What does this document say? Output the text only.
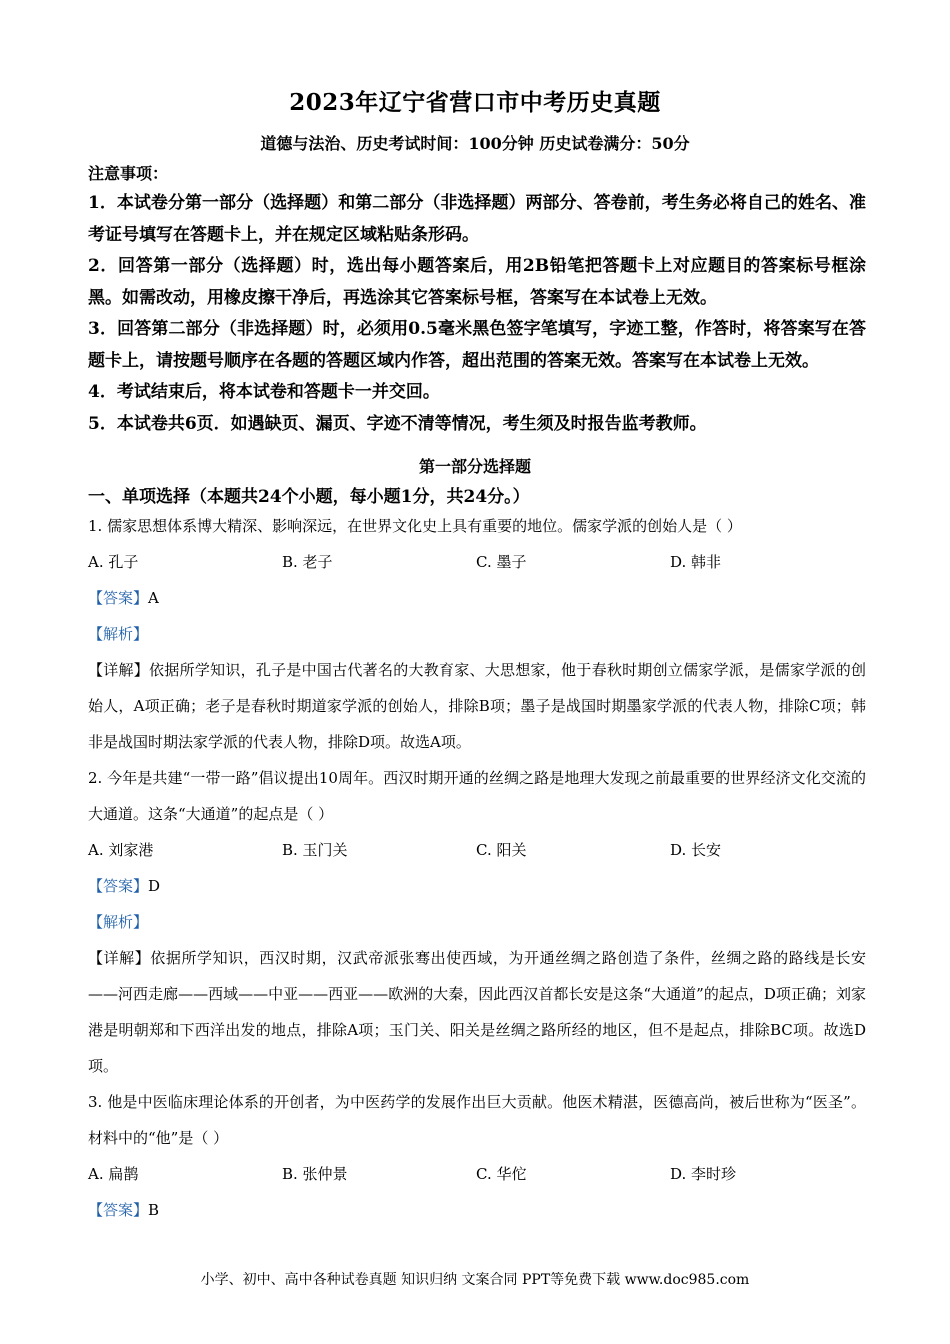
2023年辽宁省营口市中考历史真题
道德与法治、历史考试时间：100分钟 历史试卷满分：50分
注意事项：

1．本试卷分第一部分（选择题）和第二部分（非选择题）两部分、答卷前，考生务必将自己的姓名、准考证号填写在答题卡上，并在规定区域粘贴条形码。

2．回答第一部分（选择题）时，选出每小题答案后，用2B铅笔把答题卡上对应题目的答案标号框涂黑。如需改动，用橡皮擦干净后，再选涂其它答案标号框，答案写在本试卷上无效。

3．回答第二部分（非选择题）时，必须用0.5毫米黑色签字笔填写，字迹工整，作答时，将答案写在答题卡上，请按题号顺序在各题的答题区域内作答，超出范围的答案无效。答案写在本试卷上无效。

4．考试结束后，将本试卷和答题卡一并交回。

5．本试卷共6页．如遇缺页、漏页、字迹不清等情况，考生须及时报告监考教师。

第一部分选择题
一、单项选择（本题共24个小题，每小题1分，共24分。）

1. 儒家思想体系博大精深、影响深远，在世界文化史上具有重要的地位。儒家学派的创始人是（ ）

A. 孔子	B. 老子	C. 墨子	D. 韩非

【答案】A

【解析】

【详解】依据所学知识，孔子是中国古代著名的大教育家、大思想家，他于春秋时期创立儒家学派，是儒家学派的创始人，A项正确；老子是春秋时期道家学派的创始人，排除B项；墨子是战国时期墨家学派的代表人物，排除C项；韩非是战国时期法家学派的代表人物，排除D项。故选A项。

2. 今年是共建“一带一路”倡议提出10周年。西汉时期开通的丝绸之路是地理大发现之前最重要的世界经济文化交流的大通道。这条“大通道”的起点是（ ）

A. 刘家港	B. 玉门关	C. 阳关	D. 长安

【答案】D

【解析】

【详解】依据所学知识，西汉时期，汉武帝派张骞出使西域，为开通丝绸之路创造了条件，丝绸之路的路线是长安——河西走廊——西域——中亚——西亚——欧洲的大秦，因此西汉首都长安是这条“大通道”的起点，D项正确；刘家港是明朝郑和下西洋出发的地点，排除A项；玉门关、阳关是丝绸之路所经的地区，但不是起点，排除BC项。故选D项。

3. 他是中医临床理论体系的开创者，为中医药学的发展作出巨大贡献。他医术精湛，医德高尚，被后世称为“医圣”。材料中的“他”是（ ）

A. 扁鹊	B. 张仲景	C. 华佗	D. 李时珍

【答案】B

小学、初中、高中各种试卷真题 知识归纳 文案合同 PPT等免费下载 www.doc985.com
